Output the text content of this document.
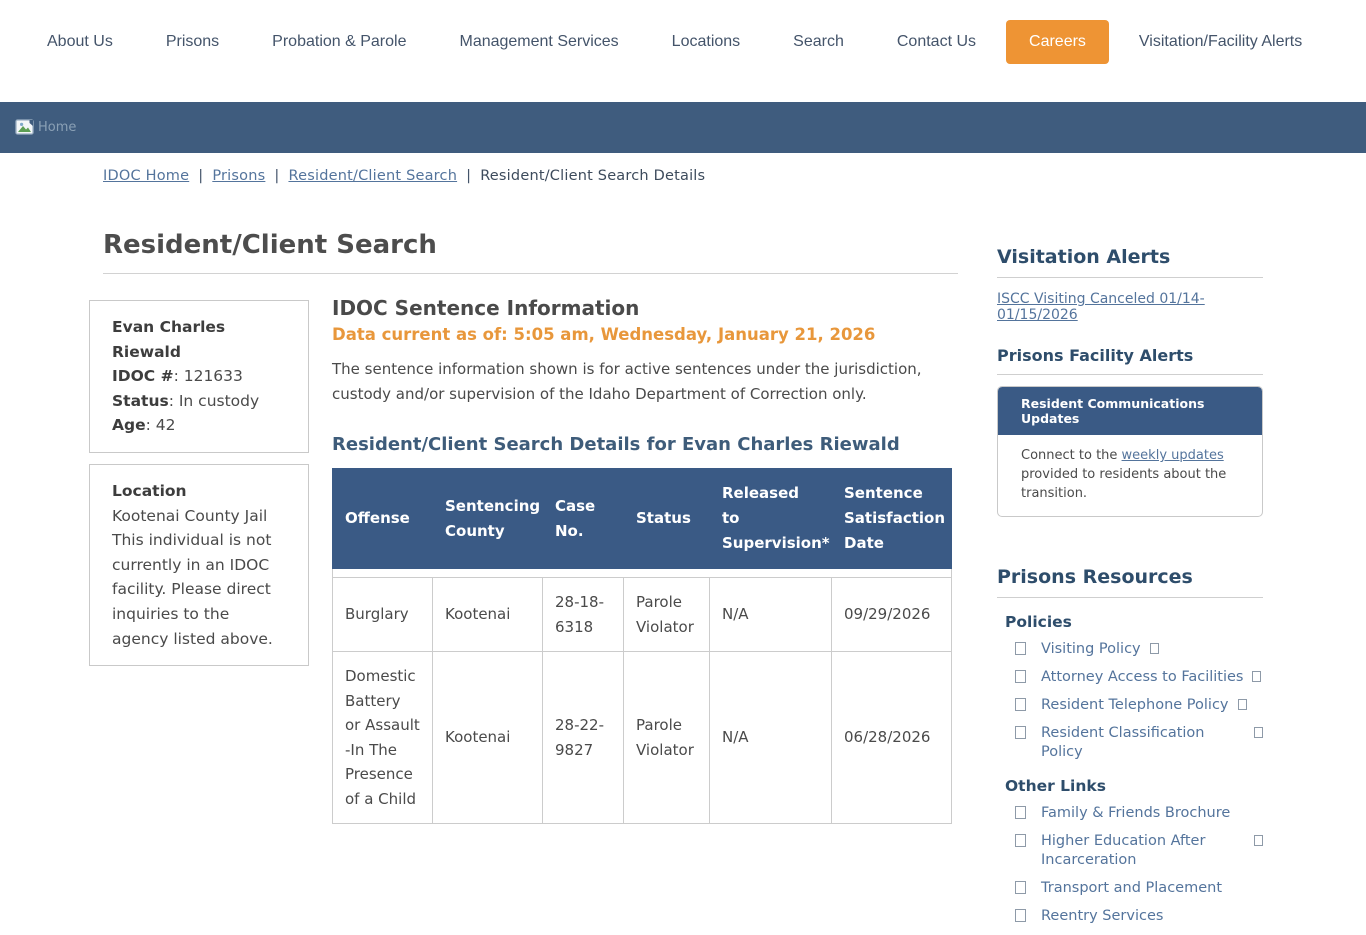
About Us	Prisons	Probation & Parole	Management Services	Locations	Search	Contact Us	Careers	Visitation/Facility Alerts
Home
IDOC Home | Prisons | Resident/Client Search | Resident/Client Search Details
Resident/Client Search
Evan Charles Riewald
IDOC #: 121633
Status: In custody
Age: 42
Location
Kootenai County Jail
This individual is not currently in an IDOC facility. Please direct inquiries to the agency listed above.
IDOC Sentence Information
Data current as of: 5:05 am, Wednesday, January 21, 2026

The sentence information shown is for active sentences under the jurisdiction, custody and/or supervision of the Idaho Department of Correction only.

Resident/Client Search Details for Evan Charles Riewald
Offense	Sentencing County	Case No.	Status	Released to Supervision*	Sentence Satisfaction Date

Burglary	Kootenai	28-18-6318	Parole Violator	N/A	09/29/2026
Domestic Battery or Assault -In The Presence of a Child	Kootenai	28-22-9827	Parole Violator	N/A	06/28/2026
Visitation Alerts
ISCC Visiting Canceled 01/14-01/15/2026
Prisons Facility Alerts
Resident Communications Updates
Connect to the weekly updates provided to residents about the transition.
Prisons Resources
Policies
Visiting Policy
Attorney Access to Facilities
Resident Telephone Policy
Resident Classification Policy
Other Links
Family & Friends Brochure
Higher Education After Incarceration
Transport and Placement
Reentry Services
